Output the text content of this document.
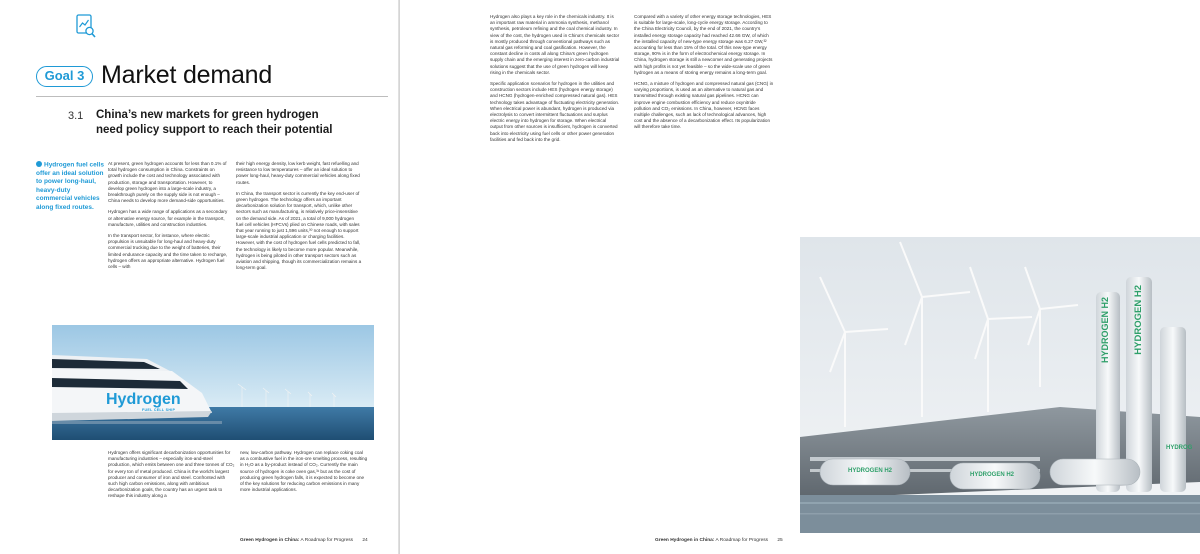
Goal 3 Market demand
3.1 China’s new markets for green hydrogen need policy support to reach their potential
Hydrogen fuel cells offer an ideal solution to power long-haul, heavy-duty commercial vehicles along fixed routes.

At present, green hydrogen accounts for less than 0.1% of total hydrogen consumption in China. Constraints on growth include the cost and technology associated with production, storage and transportation. However, to develop green hydrogen into a large-scale industry, a breakthrough purely on the supply side is not enough – China needs to develop more demand-side opportunities.

Hydrogen has a wide range of applications as a secondary or alternative energy source, for example in the transport, manufacture, utilities and construction industries.

In the transport sector, for instance, where electric propulsion is unsuitable for long-haul and heavy-duty commercial trucking due to the weight of batteries, their limited endurance capacity and the time taken to recharge, hydrogen offers an appropriate alternative. Hydrogen fuel cells – with

their high energy density, low kerb weight, fast refuelling and resistance to low temperatures – offer an ideal solution to power long-haul, heavy-duty commercial vehicles along fixed routes.

In China, the transport sector is currently the key end-user of green hydrogen. The technology offers an important decarbonization solution for transport, which, unlike other sectors such as manufacturing, is relatively price-insensitive on the demand side. As of 2021, a total of 9,000 hydrogen fuel cell vehicles (HFCVs) plied on Chinese roads, with sales that year running to just 1,596 units,³⁰ not enough to support large-scale industrial application or charging facilities. However, with the cost of hydrogen fuel cells predicted to fall, the technology is likely to become more popular. Meanwhile, hydrogen is being piloted in other transport sectors such as aviation and shipping, though its commercialization remains a long-term goal.

Hydrogen
FUEL CELL SHIP

Hydrogen offers significant decarbonization opportunities for manufacturing industries – especially iron-and-steel production, which emits between one and three tonnes of CO₂ for every ton of metal produced. China is the world's largest producer and consumer of iron and steel. Confronted with such high carbon emissions, along with ambitious decarbonization goals, the country has an urgent task to reshape this industry along a

new, low-carbon pathway. Hydrogen can replace coking coal as a combustive fuel in the iron-ore smelting process, resulting in H₂O as a by-product instead of CO₂. Currently the main source of hydrogen is coke oven gas,³¹ but as the cost of producing green hydrogen falls, it is expected to become one of the key solutions for reducing carbon emissions in many more industrial applications.

Green Hydrogen in China: A Roadmap for Progress 24

Hydrogen also plays a key role in the chemicals industry. It is an important raw material in ammonia synthesis, methanol synthesis, petroleum refining and the coal chemical industry. In view of the cost, the hydrogen used in China’s chemicals sector is mostly produced through conventional pathways such as natural gas reforming and coal gasification. However, the constant decline in costs all along China’s green hydrogen supply chain and the emerging interest in zero-carbon industrial solutions suggest that the use of green hydrogen will keep rising in the chemicals sector.

Specific application scenarios for hydrogen in the utilities and construction sectors include HES (hydrogen energy storage) and HCNG (hydrogen-enriched compressed natural gas). HES technology takes advantage of fluctuating electricity generation. When electrical power is abundant, hydrogen is produced via electrolysis to convert intermittent fluctuations and surplus electric energy into hydrogen for storage. When electrical output from other sources is insufficient, hydrogen is converted back into electricity using fuel cells or other power generation facilities and fed back into the grid.

Compared with a variety of other energy storage technologies, HES is suitable for large-scale, long-cycle energy storage. According to the China Electricity Council, by the end of 2021, the country’s installed energy storage capacity had reached 42.66 GW, of which the installed capacity of new-type energy storage was 6.27 GW,³² accounting for less than 15% of the total. Of this new-type energy storage, 90% is in the form of electrochemical energy storage. In China, hydrogen storage is still a newcomer and generating projects with high profits is not yet feasible – so the wide-scale use of green hydrogen as a means of storing energy remains a long-term goal.

HCNG, a mixture of hydrogen and compressed natural gas (CNG) in varying proportions, is used as an alternative to natural gas and transmitted through existing natural gas pipelines. HCNG can improve engine combustion efficiency and reduce oxynitride pollution and CO₂ emissions. In China, however, HCNG faces multiple challenges, such as lack of technological advances, high cost and the absence of a decarbonization effect. Its popularization will therefore take time.

HYDROGEN H2	HYDROGEN H2
HYDROGEN H2
HYDROGEN H2
HYDROG
Green Hydrogen in China: A Roadmap for Progress 25
